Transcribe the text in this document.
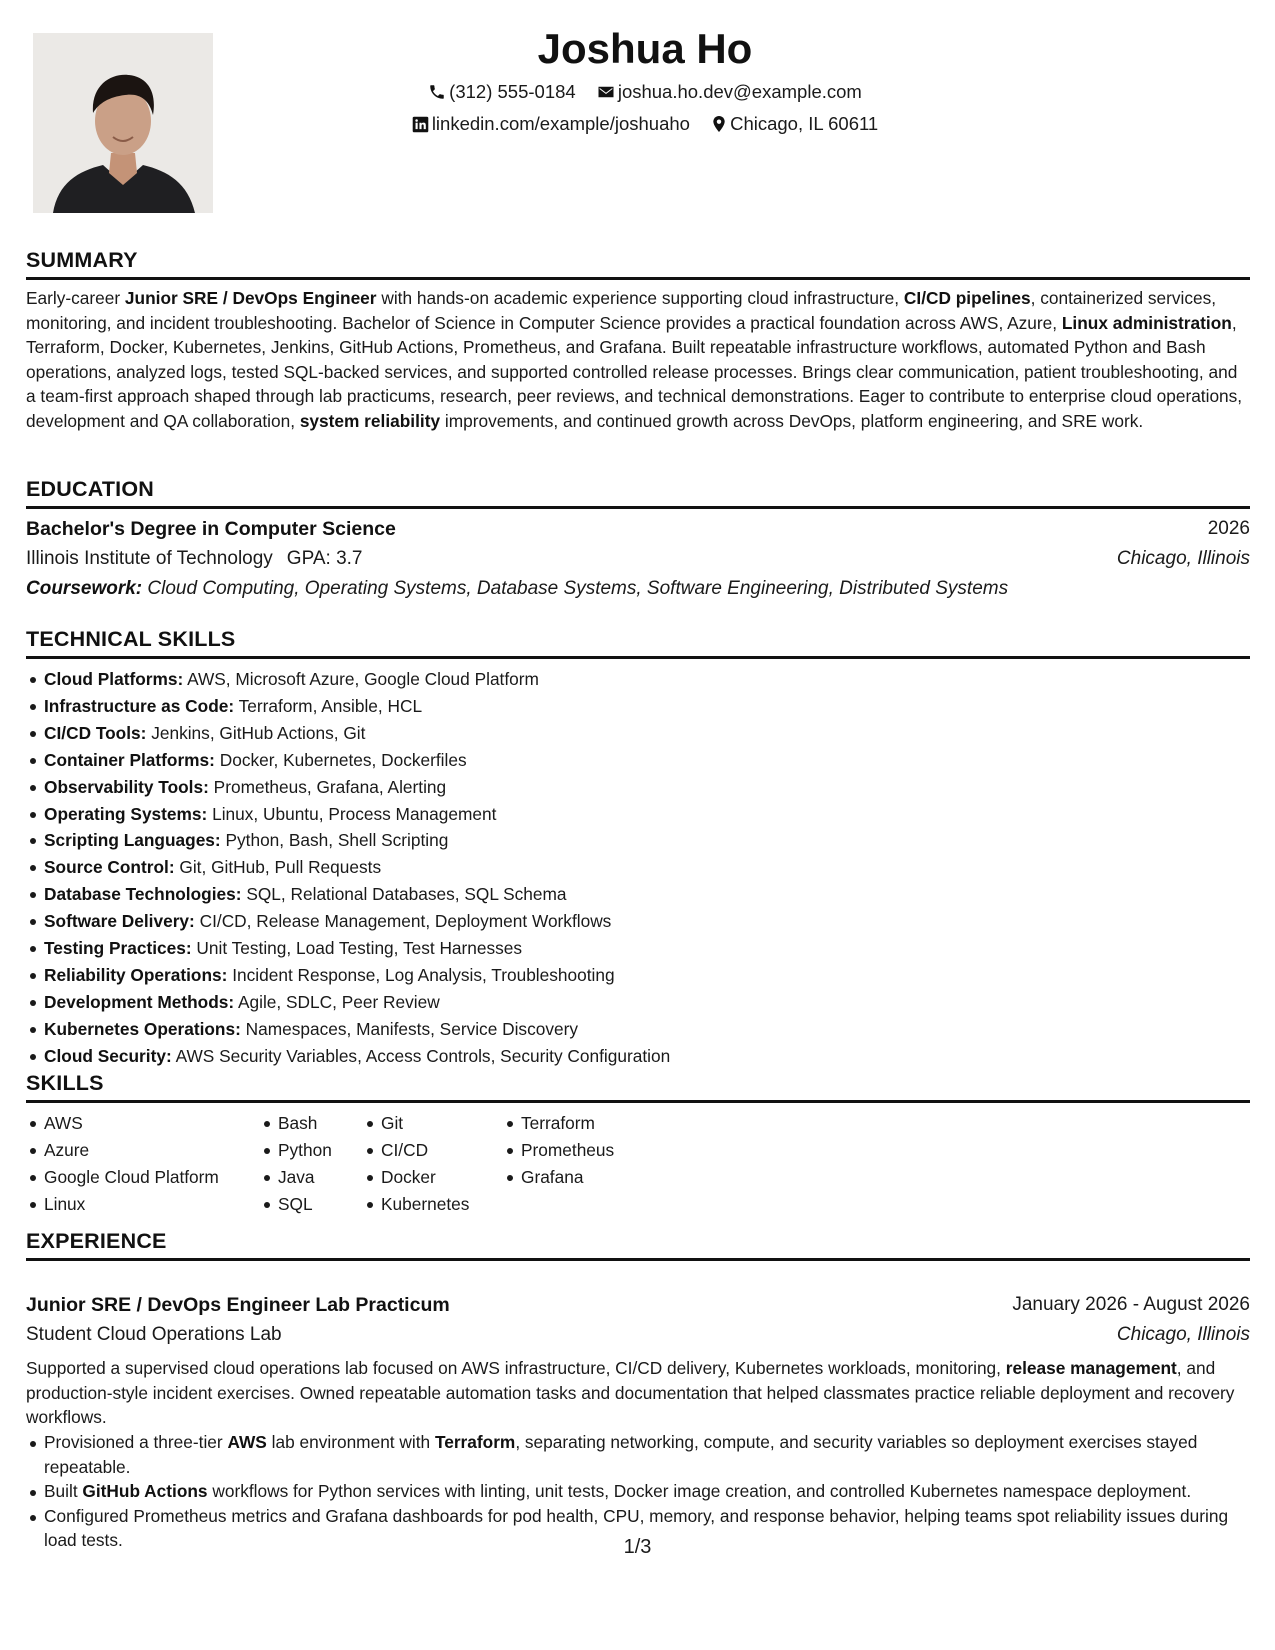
Joshua Ho
(312) 555-0184 joshua.ho.dev@example.com
linkedin.com/example/joshuaho Chicago, IL 60611
SUMMARY
Early-career Junior SRE / DevOps Engineer with hands-on academic experience supporting cloud infrastructure, CI/CD pipelines, containerized services, monitoring, and incident troubleshooting. Bachelor of Science in Computer Science provides a practical foundation across AWS, Azure, Linux administration, Terraform, Docker, Kubernetes, Jenkins, GitHub Actions, Prometheus, and Grafana. Built repeatable infrastructure workflows, automated Python and Bash operations, analyzed logs, tested SQL-backed services, and supported controlled release processes. Brings clear communication, patient troubleshooting, and a team-first approach shaped through lab practicums, research, peer reviews, and technical demonstrations. Eager to contribute to enterprise cloud operations, development and QA collaboration, system reliability improvements, and continued growth across DevOps, platform engineering, and SRE work.
EDUCATION
Bachelor's Degree in Computer Science	2026
Illinois Institute of Technology GPA: 3.7	Chicago, Illinois
Coursework: Cloud Computing, Operating Systems, Database Systems, Software Engineering, Distributed Systems
TECHNICAL SKILLS
Cloud Platforms: AWS, Microsoft Azure, Google Cloud Platform
Infrastructure as Code: Terraform, Ansible, HCL
CI/CD Tools: Jenkins, GitHub Actions, Git
Container Platforms: Docker, Kubernetes, Dockerfiles
Observability Tools: Prometheus, Grafana, Alerting
Operating Systems: Linux, Ubuntu, Process Management
Scripting Languages: Python, Bash, Shell Scripting
Source Control: Git, GitHub, Pull Requests
Database Technologies: SQL, Relational Databases, SQL Schema
Software Delivery: CI/CD, Release Management, Deployment Workflows
Testing Practices: Unit Testing, Load Testing, Test Harnesses
Reliability Operations: Incident Response, Log Analysis, Troubleshooting
Development Methods: Agile, SDLC, Peer Review
Kubernetes Operations: Namespaces, Manifests, Service Discovery
Cloud Security: AWS Security Variables, Access Controls, Security Configuration
SKILLS
AWS
Azure
Google Cloud Platform
Linux
Bash
Python
Java
SQL
Git
CI/CD
Docker
Kubernetes
Terraform
Prometheus
Grafana
EXPERIENCE
Junior SRE / DevOps Engineer Lab Practicum	January 2026 - August 2026
Student Cloud Operations Lab	Chicago, Illinois
Supported a supervised cloud operations lab focused on AWS infrastructure, CI/CD delivery, Kubernetes workloads, monitoring, release management, and production-style incident exercises. Owned repeatable automation tasks and documentation that helped classmates practice reliable deployment and recovery workflows.
Provisioned a three-tier AWS lab environment with Terraform, separating networking, compute, and security variables so deployment exercises stayed repeatable.
Built GitHub Actions workflows for Python services with linting, unit tests, Docker image creation, and controlled Kubernetes namespace deployment.
Configured Prometheus metrics and Grafana dashboards for pod health, CPU, memory, and response behavior, helping teams spot reliability issues during load tests.	1/3
